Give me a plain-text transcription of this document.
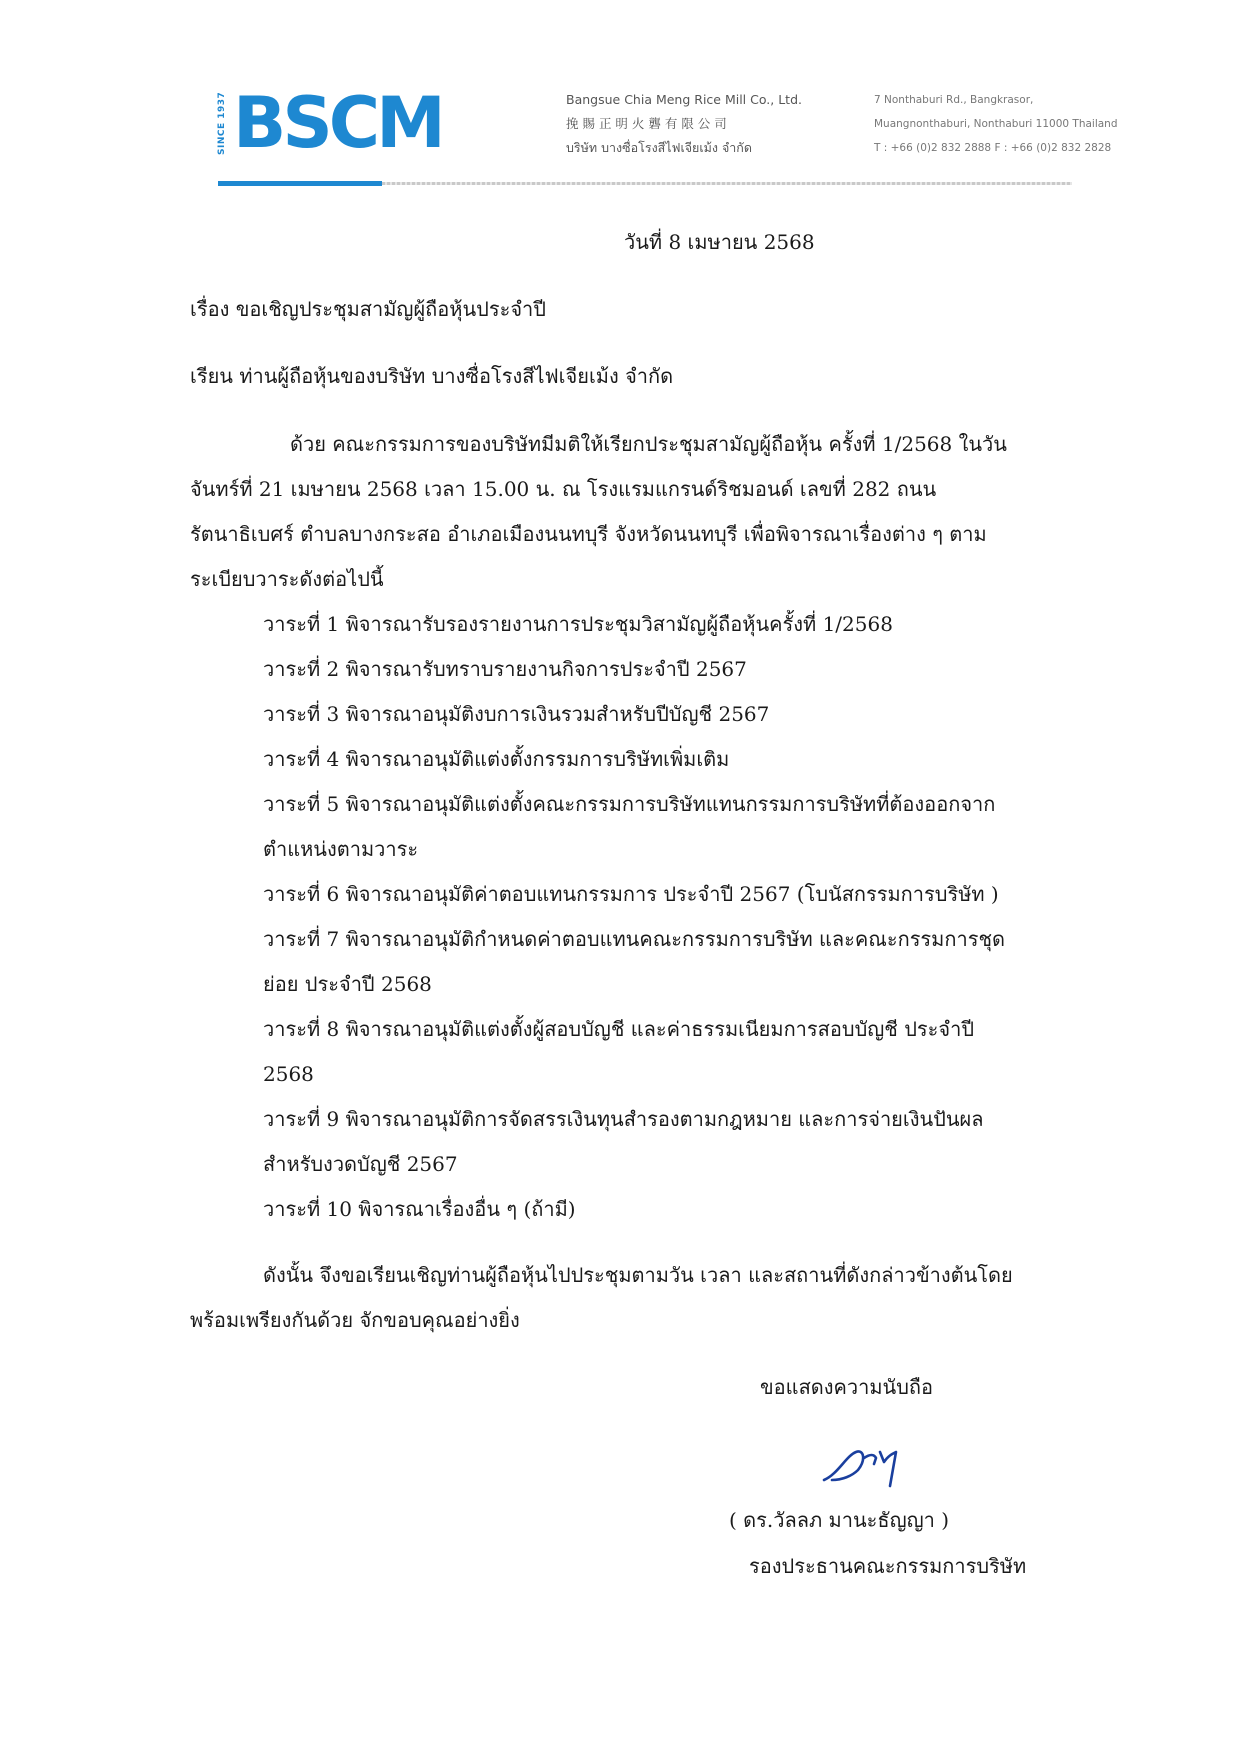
SINCE 1937 BSCM	Bangsue Chia Meng Rice Mill Co., Ltd.
挽 賜 正 明 火 礱 有 限 公 司
บริษัท บางซื่อโรงสีไฟเจียเม้ง จำกัด
7 Nonthaburi Rd., Bangkrasor,
Muangnonthaburi, Nonthaburi 11000 Thailand
T : +66 (0)2 832 2888 F : +66 (0)2 832 2828
วันที่ 8 เมษายน 2568
เรื่อง ขอเชิญประชุมสามัญผู้ถือหุ้นประจำปี
เรียน ท่านผู้ถือหุ้นของบริษัท บางซื่อโรงสีไฟเจียเม้ง จำกัด
ด้วย คณะกรรมการของบริษัทมีมติให้เรียกประชุมสามัญผู้ถือหุ้น ครั้งที่ 1/2568 ในวันจันทร์ที่ 21 เมษายน 2568 เวลา 15.00 น. ณ โรงแรมแกรนด์ริชมอนด์ เลขที่ 282 ถนน รัตนาธิเบศร์ ตำบลบางกระสอ อำเภอเมืองนนทบุรี จังหวัดนนทบุรี เพื่อพิจารณาเรื่องต่าง ๆ ตาม ระเบียบวาระดังต่อไปนี้
วาระที่ 1 พิจารณารับรองรายงานการประชุมวิสามัญผู้ถือหุ้นครั้งที่ 1/2568
วาระที่ 2 พิจารณารับทราบรายงานกิจการประจำปี 2567
วาระที่ 3 พิจารณาอนุมัติงบการเงินรวมสำหรับปีบัญชี 2567
วาระที่ 4 พิจารณาอนุมัติแต่งตั้งกรรมการบริษัทเพิ่มเติม
วาระที่ 5 พิจารณาอนุมัติแต่งตั้งคณะกรรมการบริษัทแทนกรรมการบริษัทที่ต้องออกจาก
ตำแหน่งตามวาระ
วาระที่ 6 พิจารณาอนุมัติค่าตอบแทนกรรมการ ประจำปี 2567 (โบนัสกรรมการบริษัท )
วาระที่ 7 พิจารณาอนุมัติกำหนดค่าตอบแทนคณะกรรมการบริษัท และคณะกรรมการชุด
ย่อย ประจำปี 2568
วาระที่ 8 พิจารณาอนุมัติแต่งตั้งผู้สอบบัญชี และค่าธรรมเนียมการสอบบัญชี ประจำปี
2568
วาระที่ 9 พิจารณาอนุมัติการจัดสรรเงินทุนสำรองตามกฎหมาย และการจ่ายเงินปันผล
สำหรับงวดบัญชี 2567
วาระที่ 10 พิจารณาเรื่องอื่น ๆ (ถ้ามี)
ดังนั้น จึงขอเรียนเชิญท่านผู้ถือหุ้นไปประชุมตามวัน เวลา และสถานที่ดังกล่าวข้างต้นโดย พร้อมเพรียงกันด้วย จักขอบคุณอย่างยิ่ง
ขอแสดงความนับถือ
( ดร.วัลลภ มานะธัญญา )
รองประธานคณะกรรมการบริษัท
